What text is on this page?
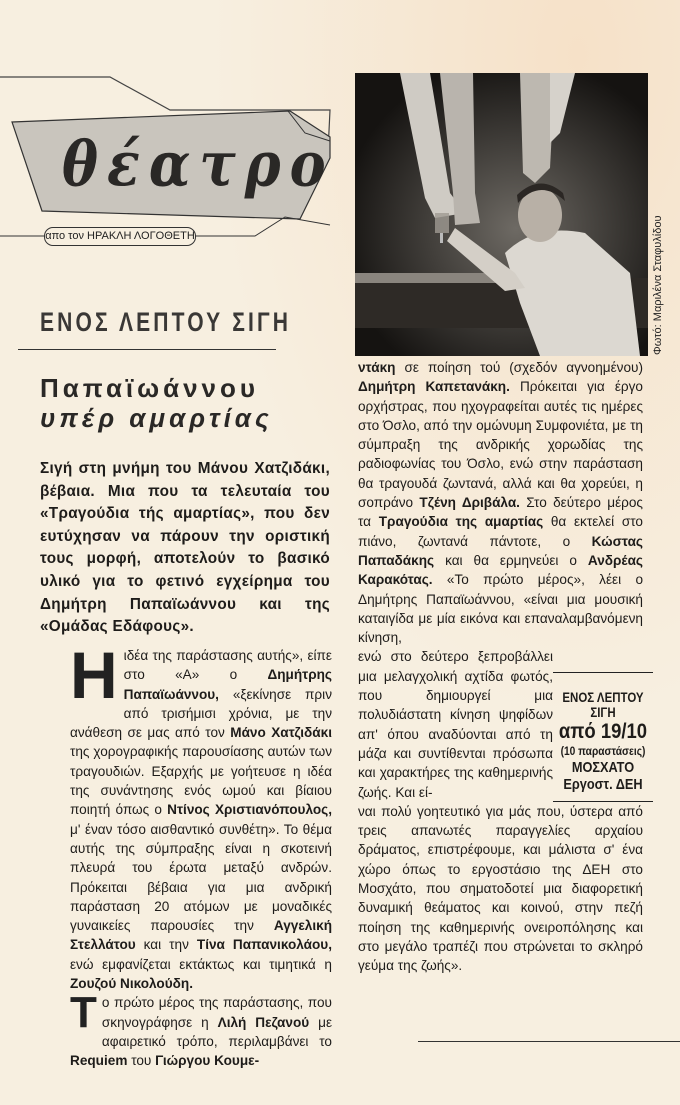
θέατρο
απο τον ΗΡΑΚΛΗ ΛΟΓΟΘΕΤΗ
ΕΝΟΣ ΛΕΠΤΟΥ ΣΙΓΗ
Παπαϊωάννου
υπέρ αμαρτίας
Σιγή στη μνήμη του Μάνου Χατζιδάκι, βέβαια. Μια που τα τελευταία του «Τραγούδια τής αμαρτίας», που δεν ευτύχησαν να πάρουν την οριστική τους μορφή, αποτελούν το βασικό υλικό για το φετινό εγχείρημα του Δημήτρη Παπαϊωάννου και της «Ομάδας Εδάφους».

Ηιδέα της παράστασης αυτής», είπε στο «Α» ο Δημήτρης Παπαϊωάννου, «ξεκίνησε πριν από τρισήμισι χρόνια, με την ανάθεση σε μας από τον Μάνο Χατζιδάκι της χορογραφικής παρουσίασης αυτών των τραγουδιών. Εξαρχής με γοήτευσε η ιδέα της συνάντησης ενός ωμού και βίαιου ποιητή όπως ο Ντίνος Χριστιανόπουλος, μ' έναν τόσο αισθαντικό συνθέτη». Το θέμα αυτής της σύμπραξης είναι η σκοτεινή πλευρά του έρωτα μεταξύ ανδρών. Πρόκειται βέβαια για μια ανδρική παράσταση 20 ατόμων με μοναδικές γυναικείες παρουσίες την Αγγελική Στελλάτου και την Τίνα Παπανικολάου, ενώ εμφανίζεται εκτάκτως και τιμητικά η Ζουζού Νικολούδη.

Το πρώτο μέρος της παράστασης, που σκηνογράφησε η Λιλή Πεζανού με αφαιρετικό τρόπο, περιλαμβάνει το Requiem του Γιώργου Κουμε-

Φωτό: Μαριλένα Σταφυλίδου
ντάκη σε ποίηση τού (σχεδόν αγνοημένου) Δημήτρη Καπετανάκη. Πρόκειται για έργο ορχήστρας, που ηχογραφείται αυτές τις ημέρες στο Όσλο, από την ομώνυμη Συμφονιέτα, με τη σύμπραξη της ανδρικής χορωδίας της ραδιοφωνίας του Όσλο, ενώ στην παράσταση θα τραγουδά ζωντανά, αλλά και θα χορεύει, η σοπράνο Τζένη Δριβάλα. Στο δεύτερο μέρος τα Τραγούδια της αμαρτίας θα εκτελεί στο πιάνο, ζωντανά πάντοτε, ο Κώστας Παπαδάκης και θα ερμηνεύει ο Ανδρέας Καρακότας. «Το πρώτο μέρος», λέει ο Δημήτρης Παπαϊωάννου, «είναι μια μουσική καταιγίδα με μία εικόνα και επαναλαμβανόμενη κίνηση,
ενώ στο δεύτερο ξεπροβάλλει μια μελαγχολική αχτίδα φωτός, που δημιουργεί μια πολυδιάστατη κίνηση ψηφίδων απ' όπου αναδύονται από τη μάζα και συντίθενται πρόσωπα και χαρακτήρες της καθημερινής ζωής. Και εί-
ναι πολύ γοητευτικό για μάς που, ύστερα από τρεις απανωτές παραγγελίες αρχαίου δράματος, επιστρέφουμε, και μάλιστα σ' ένα χώρο όπως το εργοστάσιο της ΔΕΗ στο Μοσχάτο, που σηματοδοτεί μια διαφορετική δυναμική θεάματος και κοινού, στην πεζή ποίηση της καθημερινής ονειροπόλησης και στο μεγάλο τραπέζι που στρώνεται το σκληρό γεύμα της ζωής».
ΕΝΟΣ ΛΕΠΤΟΥ
ΣΙΓΗ
από 19/10
(10 παραστάσεις)
ΜΟΣΧΑΤΟ
Εργοστ. ΔΕΗ
